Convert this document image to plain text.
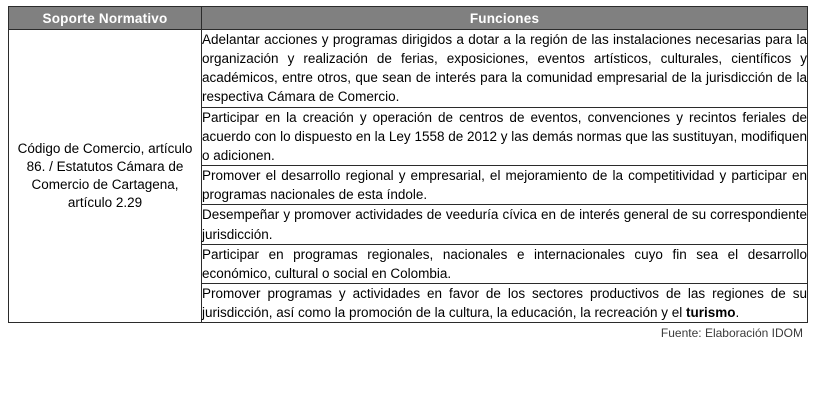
Soporte Normativo	Funciones
Código de Comercio, artículo 86. / Estatutos Cámara de Comercio de Cartagena, artículo 2.29	Adelantar acciones y programas dirigidos a dotar a la región de las instalaciones necesarias para la organización y realización de ferias, exposiciones, eventos artísticos, culturales, científicos y académicos, entre otros, que sean de interés para la comunidad empresarial de la jurisdicción de la respectiva Cámara de Comercio.
	Participar en la creación y operación de centros de eventos, convenciones y recintos feriales de acuerdo con lo dispuesto en la Ley 1558 de 2012 y las demás normas que las sustituyan, modifiquen o adicionen.
	Promover el desarrollo regional y empresarial, el mejoramiento de la competitividad y participar en programas nacionales de esta índole.
	Desempeñar y promover actividades de veeduría cívica en de interés general de su correspondiente jurisdicción.
	Participar en programas regionales, nacionales e internacionales cuyo fin sea el desarrollo económico, cultural o social en Colombia.
	Promover programas y actividades en favor de los sectores productivos de las regiones de su jurisdicción, así como la promoción de la cultura, la educación, la recreación y el turismo.
Fuente: Elaboración IDOM
